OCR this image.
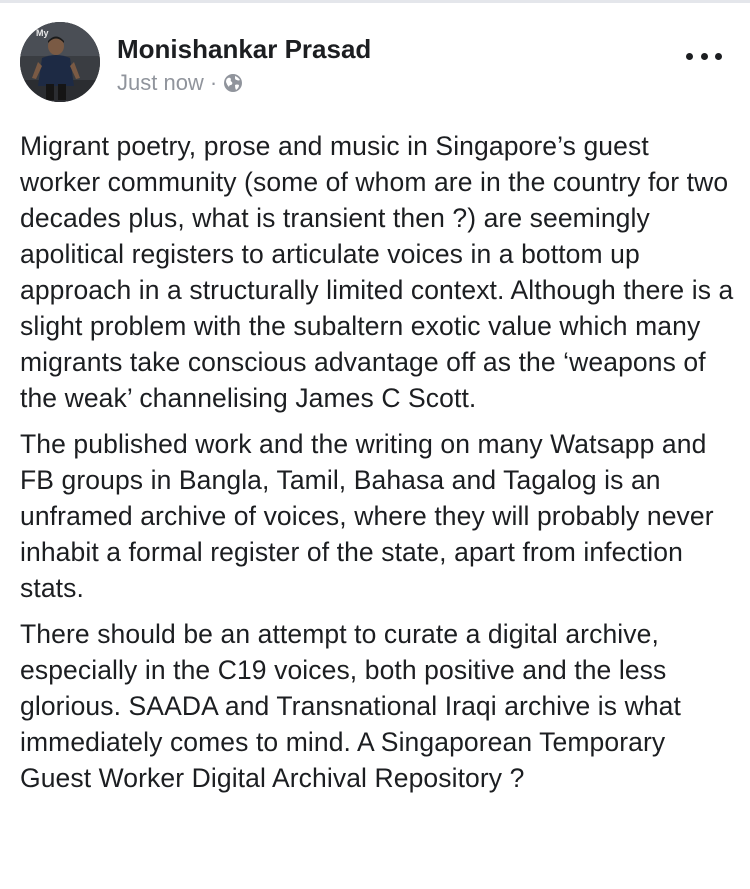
My
Monishankar Prasad
Just now ·

Migrant poetry, prose and music in Singapore’s guest worker community (some of whom are in the country for two decades plus, what is transient then ?) are seemingly apolitical registers to articulate voices in a bottom up approach in a structurally limited context. Although there is a slight problem with the subaltern exotic value which many migrants take conscious advantage off as the ‘weapons of the weak’ channelising James C Scott.

The published work and the writing on many Watsapp and FB groups in Bangla, Tamil, Bahasa and Tagalog is an unframed archive of voices, where they will probably never inhabit a formal register of the state, apart from infection stats.

There should be an attempt to curate a digital archive, especially in the C19 voices, both positive and the less glorious. SAADA and Transnational Iraqi archive is what immediately comes to mind. A Singaporean Temporary Guest Worker Digital Archival Repository ?
